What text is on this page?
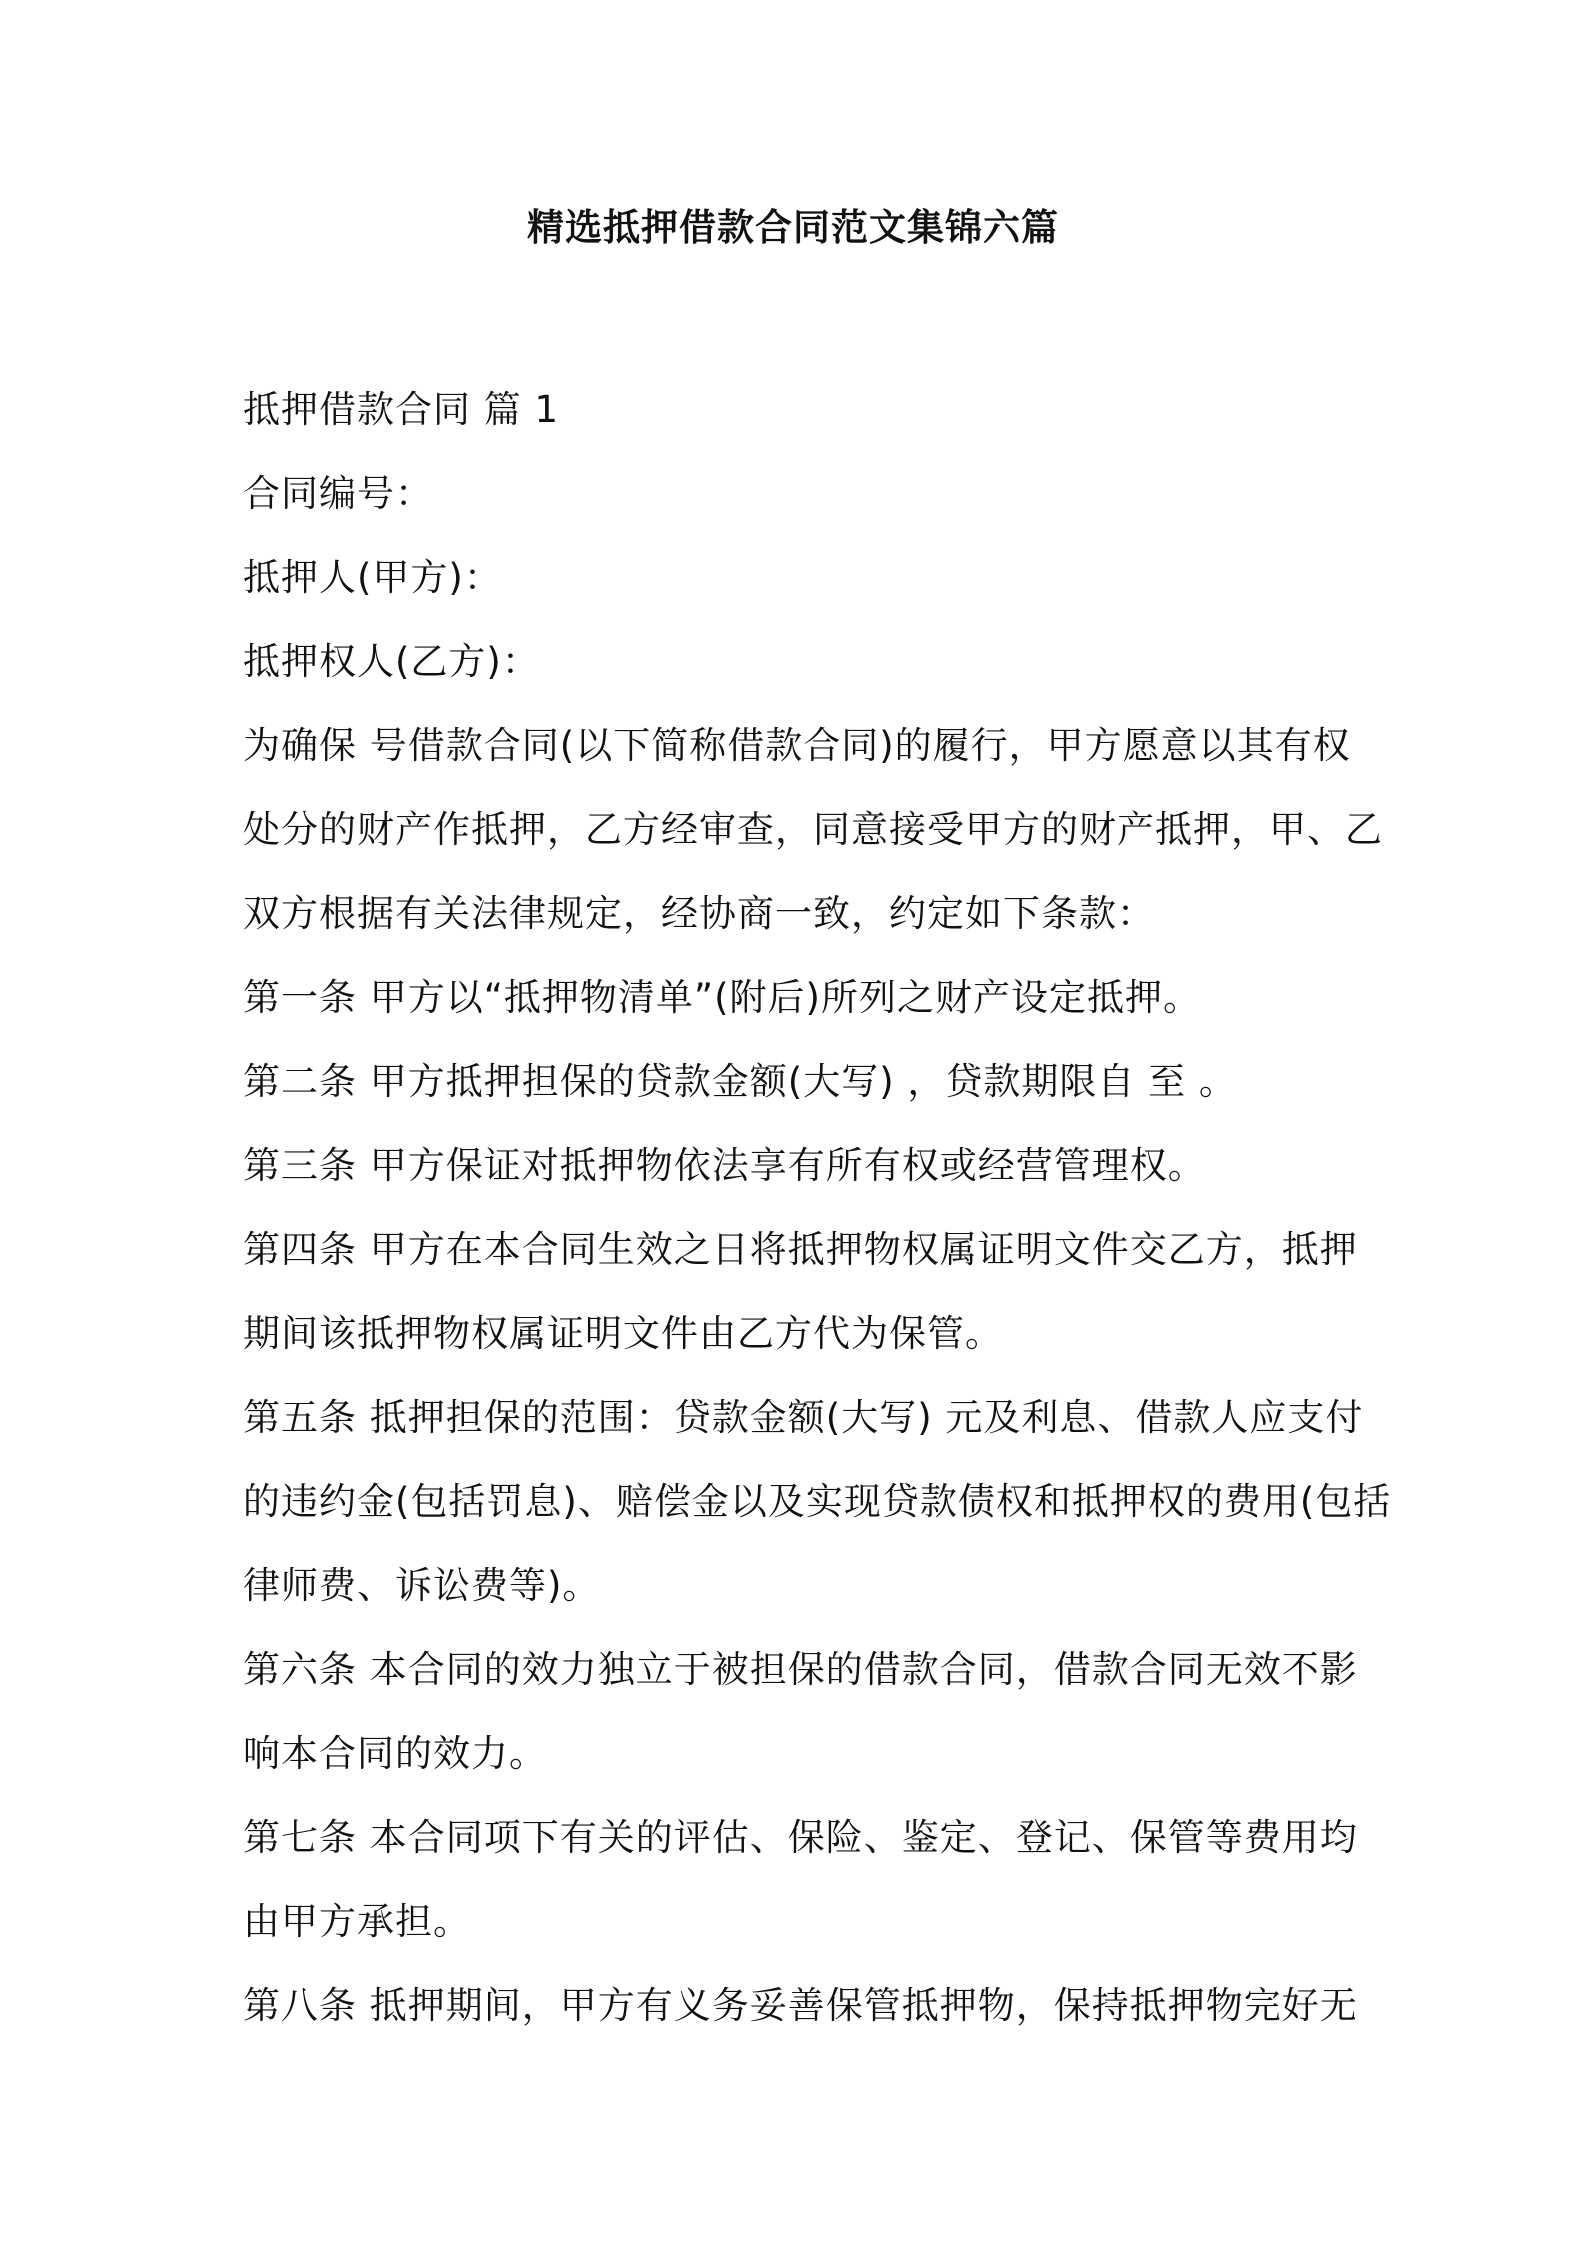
精选抵押借款合同范文集锦六篇

抵押借款合同 篇 1

合同编号：

抵押人(甲方)：

抵押权人(乙方)：

为确保 号借款合同(以下简称借款合同)的履行，甲方愿意以其有权

处分的财产作抵押，乙方经审查，同意接受甲方的财产抵押，甲、乙

双方根据有关法律规定，经协商一致，约定如下条款：

第一条 甲方以“抵押物清单”(附后)所列之财产设定抵押。

第二条 甲方抵押担保的贷款金额(大写) ，贷款期限自 至 。

第三条 甲方保证对抵押物依法享有所有权或经营管理权。

第四条 甲方在本合同生效之日将抵押物权属证明文件交乙方，抵押

期间该抵押物权属证明文件由乙方代为保管。

第五条 抵押担保的范围：贷款金额(大写) 元及利息、借款人应支付

的违约金(包括罚息)、赔偿金以及实现贷款债权和抵押权的费用(包括

律师费、诉讼费等)。

第六条 本合同的效力独立于被担保的借款合同，借款合同无效不影

响本合同的效力。

第七条 本合同项下有关的评估、保险、鉴定、登记、保管等费用均

由甲方承担。

第八条 抵押期间，甲方有义务妥善保管抵押物，保持抵押物完好无
